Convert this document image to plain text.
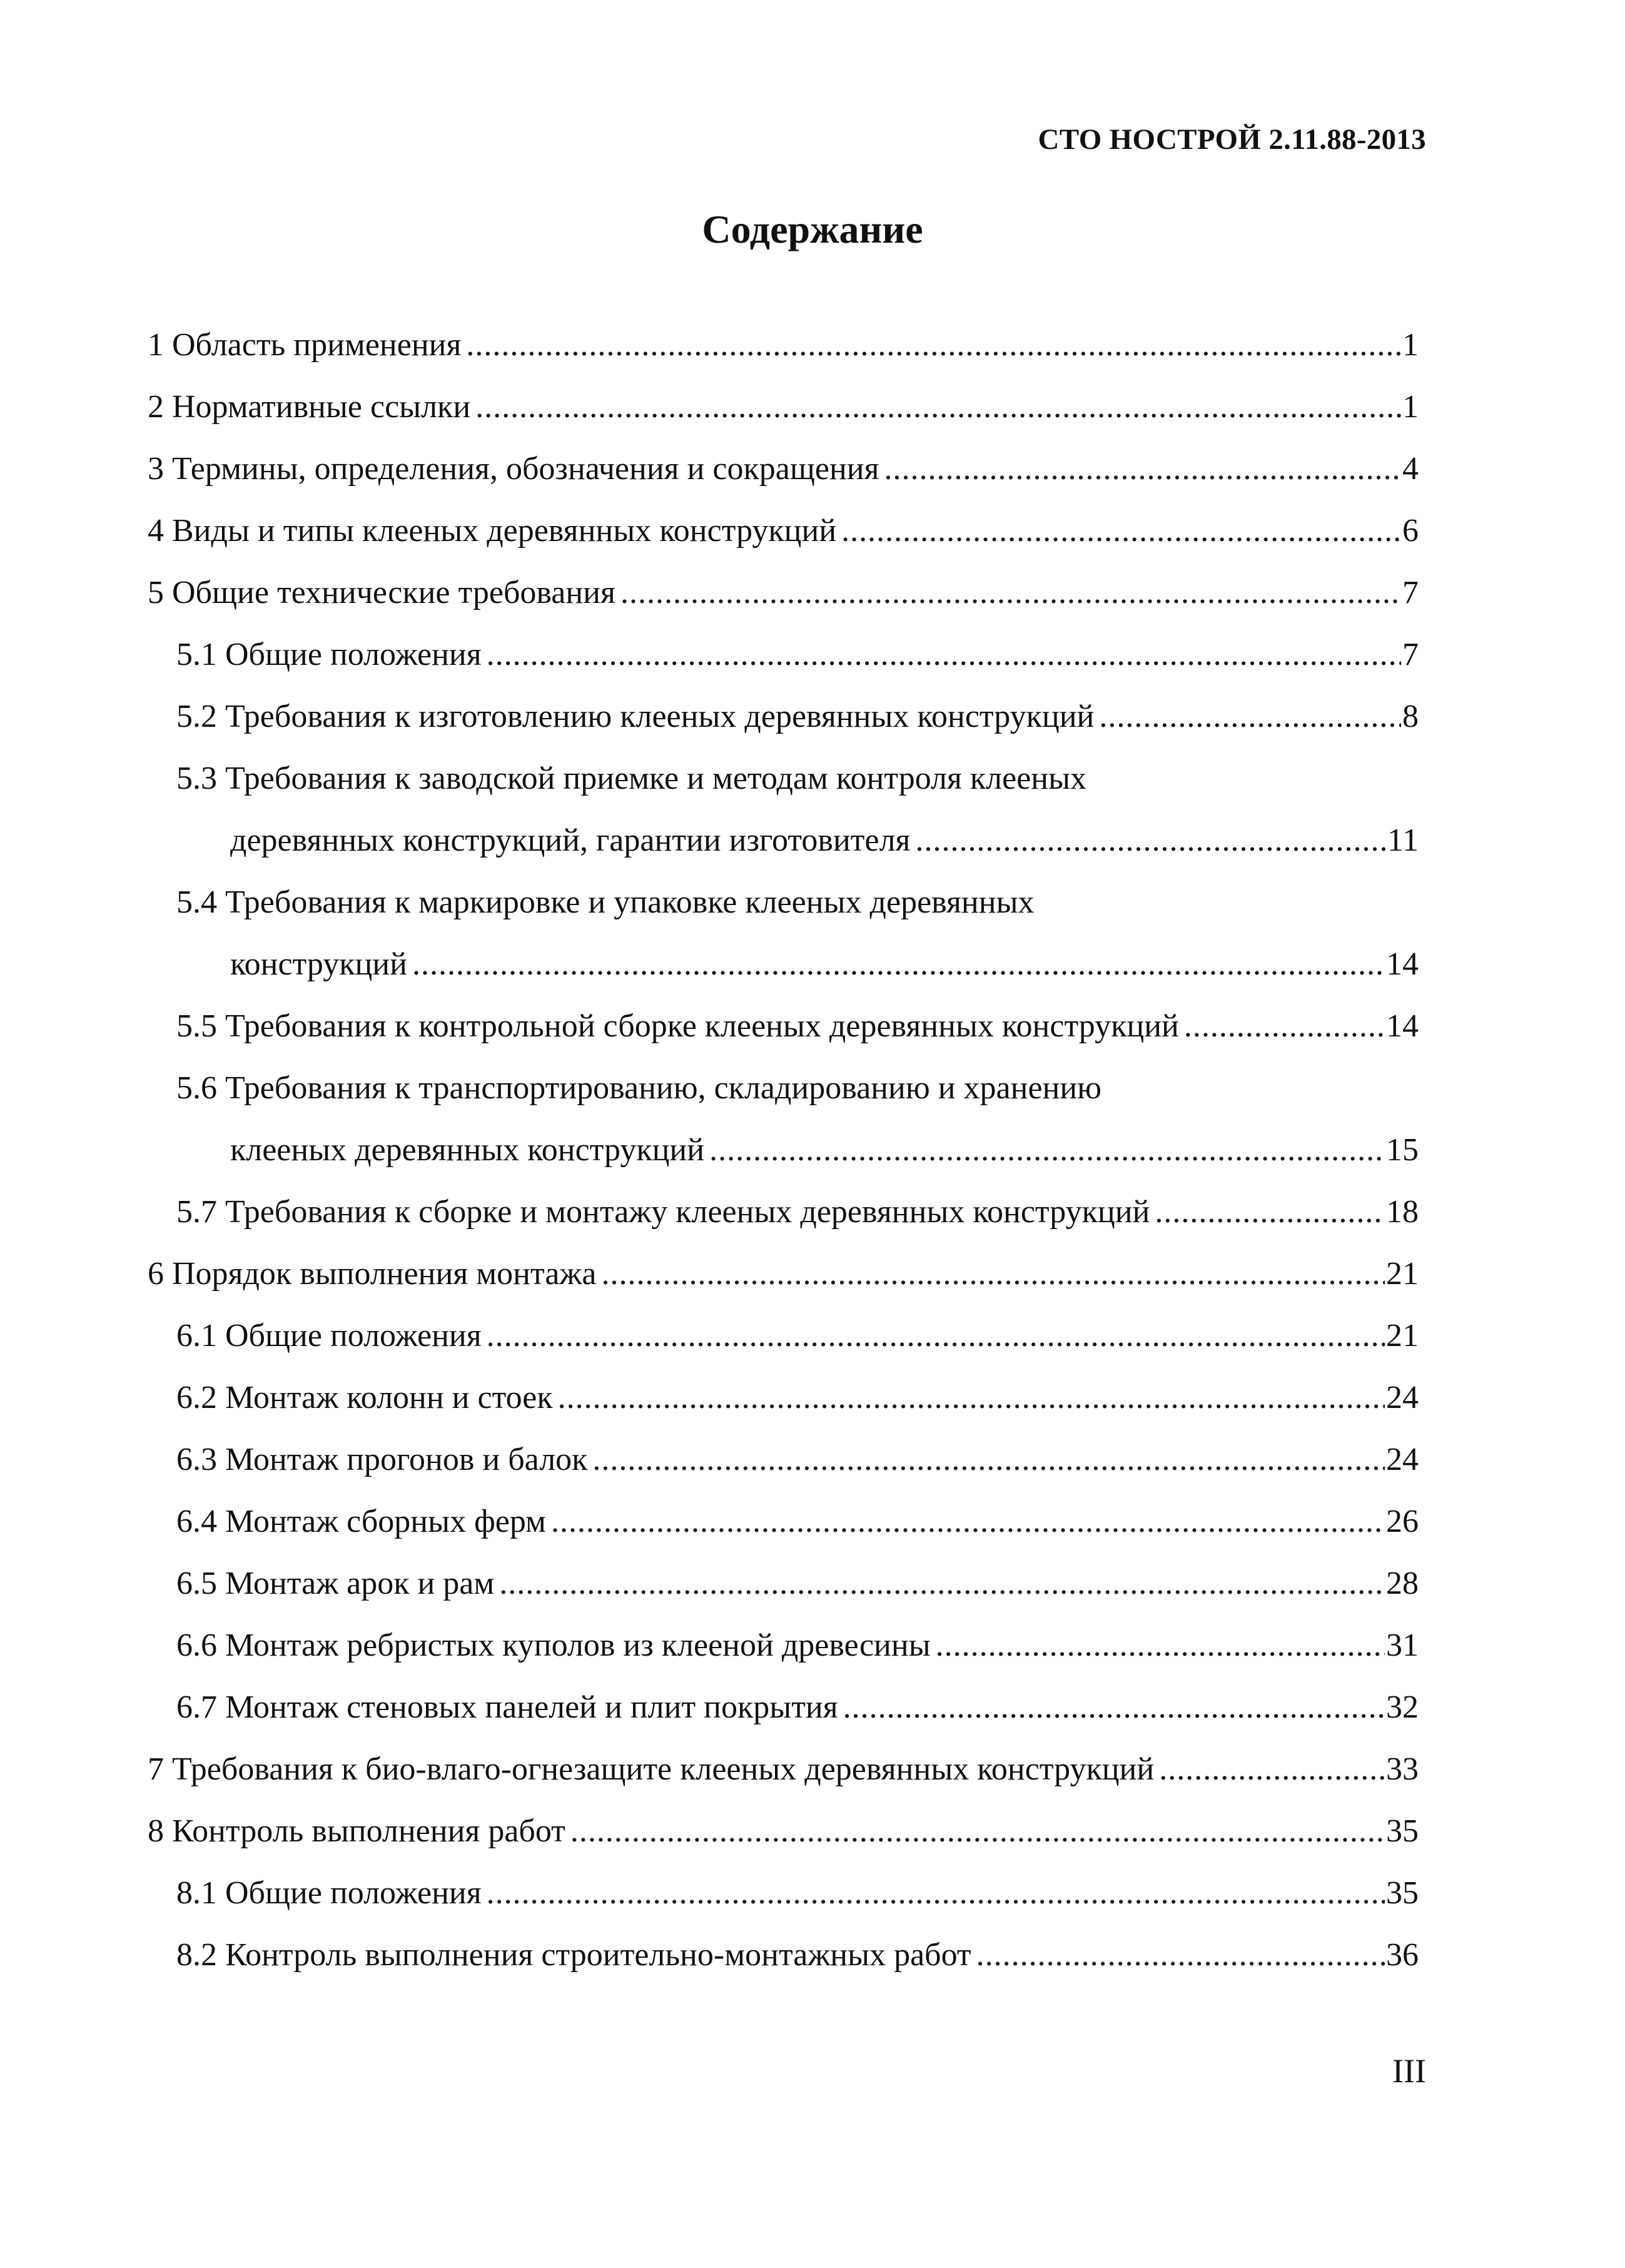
СТО НОСТРОЙ 2.11.88-2013
Содержание
1 Область применения .....	1
2 Нормативные ссылки .....	1
3 Термины, определения, обозначения и сокращения .....	4
4 Виды и типы клееных деревянных конструкций .....	6
5 Общие технические требования .....	7
5.1 Общие положения .....	7
5.2 Требования к изготовлению клееных деревянных конструкций .....	8
5.3 Требования к заводской приемке и методам контроля клееных
деревянных конструкций, гарантии изготовителя .....	11
5.4 Требования к маркировке и упаковке клееных деревянных
конструкций .....	14
5.5 Требования к контрольной сборке клееных деревянных конструкций .....	14
5.6 Требования к транспортированию, складированию и хранению
клееных деревянных конструкций .....	15
5.7 Требования к сборке и монтажу клееных деревянных конструкций .....	18
6 Порядок выполнения монтажа .....	21
6.1 Общие положения .....	21
6.2 Монтаж колонн и стоек .....	24
6.3 Монтаж прогонов и балок .....	24
6.4 Монтаж сборных ферм .....	26
6.5 Монтаж арок и рам .....	28
6.6 Монтаж ребристых куполов из клееной древесины .....	31
6.7 Монтаж стеновых панелей и плит покрытия .....	32
7 Требования к био-влаго-огнезащите клееных деревянных конструкций .....	33
8 Контроль выполнения работ .....	35
8.1 Общие положения .....	35
8.2 Контроль выполнения строительно-монтажных работ .....	36
III
